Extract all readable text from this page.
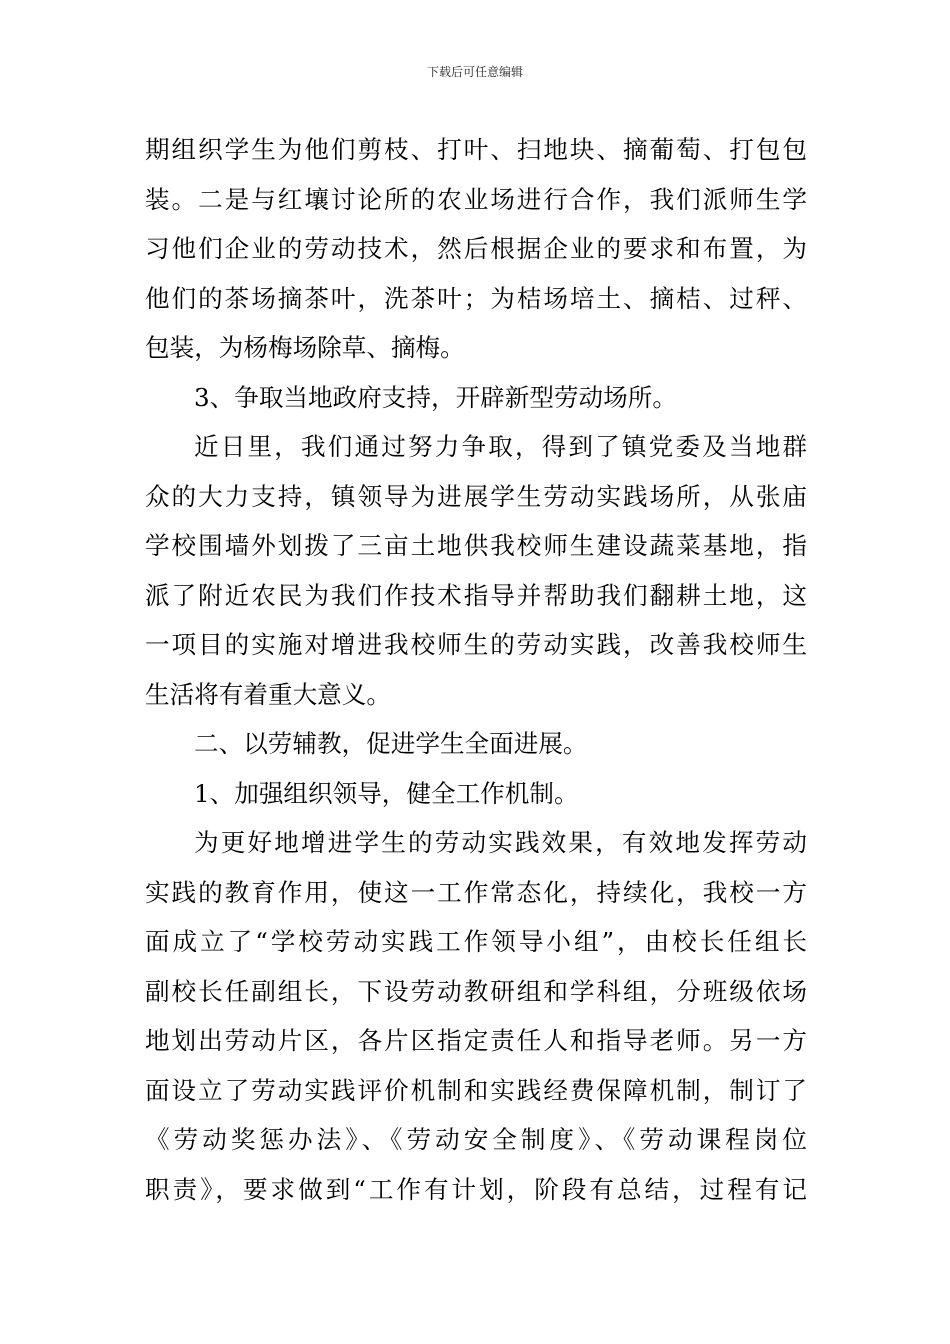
下载后可任意编辑
期组织学生为他们剪枝、打叶、扫地块、摘葡萄、打包包
装。二是与红壤讨论所的农业场进行合作，我们派师生学
习他们企业的劳动技术，然后根据企业的要求和布置，为
他们的茶场摘茶叶，洗茶叶；为桔场培土、摘桔、过秤、
包装，为杨梅场除草、摘梅。
3、争取当地政府支持，开辟新型劳动场所。
近日里，我们通过努力争取，得到了镇党委及当地群
众的大力支持，镇领导为进展学生劳动实践场所，从张庙
学校围墙外划拨了三亩土地供我校师生建设蔬菜基地，指
派了附近农民为我们作技术指导并帮助我们翻耕土地，这
一项目的实施对增进我校师生的劳动实践，改善我校师生
生活将有着重大意义。
二、以劳辅教，促进学生全面进展。
1、加强组织领导，健全工作机制。
为更好地增进学生的劳动实践效果，有效地发挥劳动
实践的教育作用，使这一工作常态化，持续化，我校一方
面成立了“学校劳动实践工作领导小组”，由校长任组长
副校长任副组长，下设劳动教研组和学科组，分班级依场
地划出劳动片区，各片区指定责任人和指导老师。另一方
面设立了劳动实践评价机制和实践经费保障机制，制订了
《劳动奖惩办法》、《劳动安全制度》、《劳动课程岗位
职责》，要求做到“工作有计划，阶段有总结，过程有记
